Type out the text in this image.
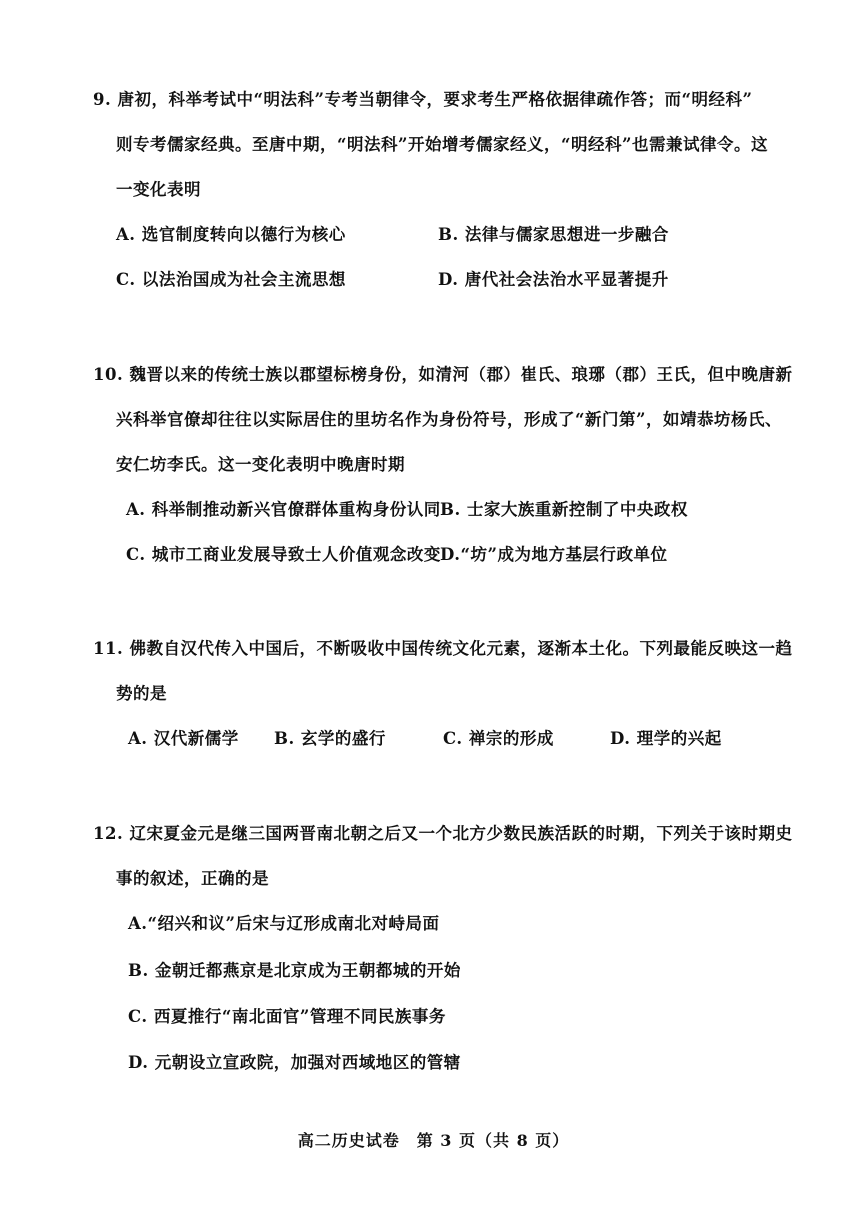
9. 唐初，科举考试中“明法科”专考当朝律令，要求考生严格依据律疏作答；而“明经科”
则专考儒家经典。至唐中期，“明法科”开始增考儒家经义，“明经科”也需兼试律令。这
一变化表明
A. 选官制度转向以德行为核心	B. 法律与儒家思想进一步融合
C. 以法治国成为社会主流思想	D. 唐代社会法治水平显著提升
10. 魏晋以来的传统士族以郡望标榜身份，如清河（郡）崔氏、琅琊（郡）王氏，但中晚唐新
兴科举官僚却往往以实际居住的里坊名作为身份符号，形成了“新门第”，如靖恭坊杨氏、
安仁坊李氏。这一变化表明中晚唐时期
A. 科举制推动新兴官僚群体重构身份认同 B. 士家大族重新控制了中央政权
C. 城市工商业发展导致士人价值观念改变 D.“坊”成为地方基层行政单位
11. 佛教自汉代传入中国后，不断吸收中国传统文化元素，逐渐本土化。下列最能反映这一趋
势的是
A. 汉代新儒学 B. 玄学的盛行	C. 禅宗的形成	D. 理学的兴起
12. 辽宋夏金元是继三国两晋南北朝之后又一个北方少数民族活跃的时期，下列关于该时期史
事的叙述，正确的是
A.“绍兴和议”后宋与辽形成南北对峙局面
B. 金朝迁都燕京是北京成为王朝都城的开始
C. 西夏推行“南北面官”管理不同民族事务
D. 元朝设立宣政院，加强对西域地区的管辖
高二历史试卷　第 3 页（共 8 页）
